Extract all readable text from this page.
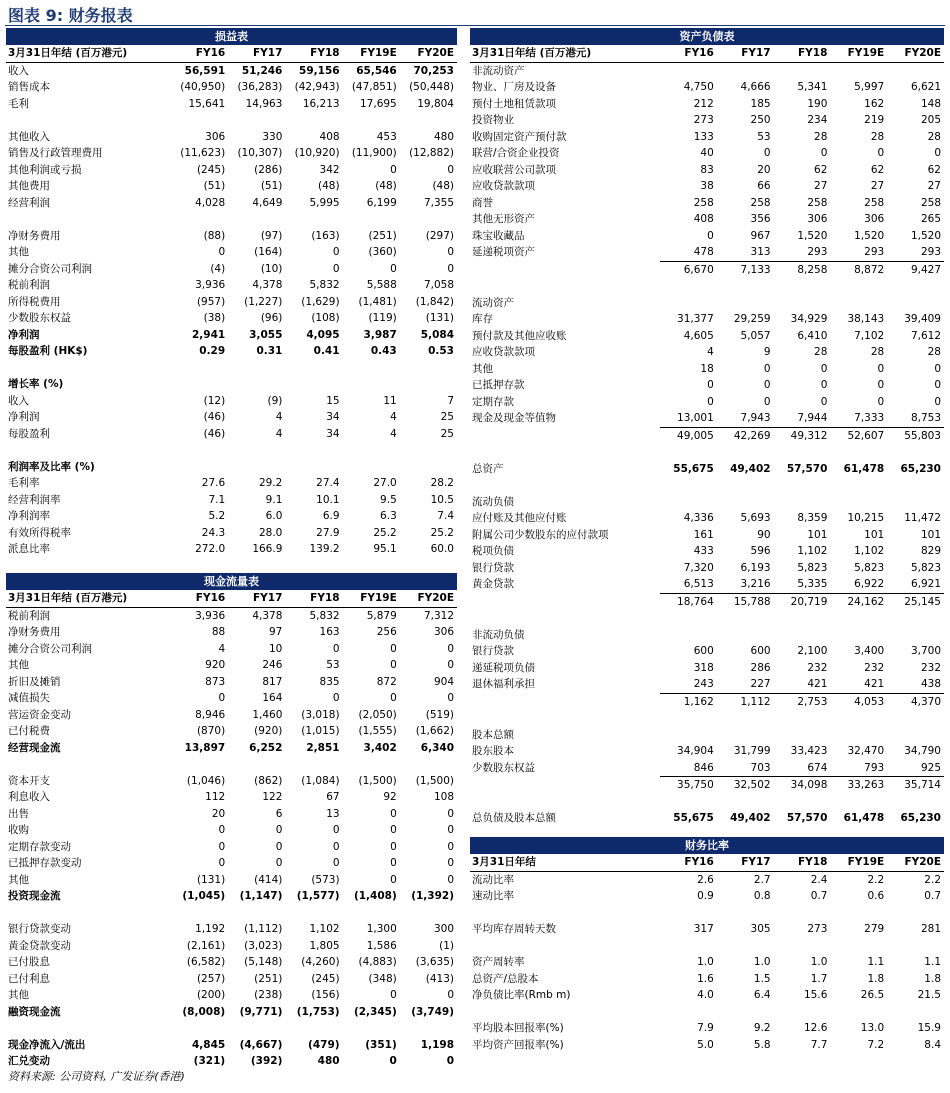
图表 9: 财务报表
损益表
3月31日年结 (百万港元)	FY16	FY17	FY18	FY19E	FY20E
收入	56,591	51,246	59,156	65,546	70,253
销售成本	(40,950)	(36,283)	(42,943)	(47,851)	(50,448)
毛利	15,641	14,963	16,213	17,695	19,804

其他收入	306	330	408	453	480
销售及行政管理费用	(11,623)	(10,307)	(10,920)	(11,900)	(12,882)
其他利润或亏损	(245)	(286)	342	0	0
其他费用	(51)	(51)	(48)	(48)	(48)
经营利润	4,028	4,649	5,995	6,199	7,355

净财务费用	(88)	(97)	(163)	(251)	(297)
其他	0	(164)	0	(360)	0
摊分合资公司利润	(4)	(10)	0	0	0
税前利润	3,936	4,378	5,832	5,588	7,058
所得税费用	(957)	(1,227)	(1,629)	(1,481)	(1,842)
少数股东权益	(38)	(96)	(108)	(119)	(131)
净利润	2,941	3,055	4,095	3,987	5,084
每股盈利 (HK$)	0.29	0.31	0.41	0.43	0.53

增长率 (%)					
收入	(12)	(9)	15	11	7
净利润	(46)	4	34	4	25
每股盈利	(46)	4	34	4	25

利润率及比率 (%)					
毛利率	27.6	29.2	27.4	27.0	28.2
经营利润率	7.1	9.1	10.1	9.5	10.5
净利润率	5.2	6.0	6.9	6.3	7.4
有效所得税率	24.3	28.0	27.9	25.2	25.2
派息比率	272.0	166.9	139.2	95.1	60.0
现金流量表
3月31日年结 (百万港元)	FY16	FY17	FY18	FY19E	FY20E
税前利润	3,936	4,378	5,832	5,879	7,312
净财务费用	88	97	163	256	306
摊分合资公司利润	4	10	0	0	0
其他	920	246	53	0	0
折旧及摊销	873	817	835	872	904
减值损失	0	164	0	0	0
营运资金变动	8,946	1,460	(3,018)	(2,050)	(519)
已付税费	(870)	(920)	(1,015)	(1,555)	(1,662)
经营现金流	13,897	6,252	2,851	3,402	6,340

资本开支	(1,046)	(862)	(1,084)	(1,500)	(1,500)
利息收入	112	122	67	92	108
出售	20	6	13	0	0
收购	0	0	0	0	0
定期存款变动	0	0	0	0	0
已抵押存款变动	0	0	0	0	0
其他	(131)	(414)	(573)	0	0
投资现金流	(1,045)	(1,147)	(1,577)	(1,408)	(1,392)

银行贷款变动	1,192	(1,112)	1,102	1,300	300
黄金贷款变动	(2,161)	(3,023)	1,805	1,586	(1)
已付股息	(6,582)	(5,148)	(4,260)	(4,883)	(3,635)
已付利息	(257)	(251)	(245)	(348)	(413)
其他	(200)	(238)	(156)	0	0
融资现金流	(8,008)	(9,771)	(1,753)	(2,345)	(3,749)

现金净流入/流出	4,845	(4,667)	(479)	(351)	1,198
汇兑变动	(321)	(392)	480	0	0
资产负债表
3月31日年结 (百万港元)	FY16	FY17	FY18	FY19E	FY20E
非流动资产					
物业、厂房及设备	4,750	4,666	5,341	5,997	6,621
预付土地租赁款项	212	185	190	162	148
投资物业	273	250	234	219	205
收购固定资产预付款	133	53	28	28	28
联营/合资企业投资	40	0	0	0	0
应收联营公司款项	83	20	62	62	62
应收贷款款项	38	66	27	27	27
商誉	258	258	258	258	258
其他无形资产	408	356	306	306	265
珠宝收藏品	0	967	1,520	1,520	1,520
延递税项资产	478	313	293	293	293
	6,670	7,133	8,258	8,872	9,427

流动资产					
库存	31,377	29,259	34,929	38,143	39,409
预付款及其他应收账	4,605	5,057	6,410	7,102	7,612
应收贷款款项	4	9	28	28	28
其他	18	0	0	0	0
已抵押存款	0	0	0	0	0
定期存款	0	0	0	0	0
现金及现金等值物	13,001	7,943	7,944	7,333	8,753
	49,005	42,269	49,312	52,607	55,803

总资产	55,675	49,402	57,570	61,478	65,230

流动负债					
应付账及其他应付账	4,336	5,693	8,359	10,215	11,472
附属公司少数股东的应付款项	161	90	101	101	101
税项负债	433	596	1,102	1,102	829
银行贷款	7,320	6,193	5,823	5,823	5,823
黄金贷款	6,513	3,216	5,335	6,922	6,921
	18,764	15,788	20,719	24,162	25,145

非流动负债					
银行贷款	600	600	2,100	3,400	3,700
递延税项负债	318	286	232	232	232
退休福利承担	243	227	421	421	438
	1,162	1,112	2,753	4,053	4,370

股本总额					
股东股本	34,904	31,799	33,423	32,470	34,790
少数股东权益	846	703	674	793	925
	35,750	32,502	34,098	33,263	35,714

总负债及股本总额	55,675	49,402	57,570	61,478	65,230
财务比率
3月31日年结	FY16	FY17	FY18	FY19E	FY20E
流动比率	2.6	2.7	2.4	2.2	2.2
速动比率	0.9	0.8	0.7	0.6	0.7

平均库存周转天数	317	305	273	279	281

资产周转率	1.0	1.0	1.0	1.1	1.1
总资产/总股本	1.6	1.5	1.7	1.8	1.8
净负债比率(Rmb m)	4.0	6.4	15.6	26.5	21.5

平均股本回报率(%)	7.9	9.2	12.6	13.0	15.9
平均资产回报率(%)	5.0	5.8	7.7	7.2	8.4
资料来源: 公司资料, 广发证券(香港)
